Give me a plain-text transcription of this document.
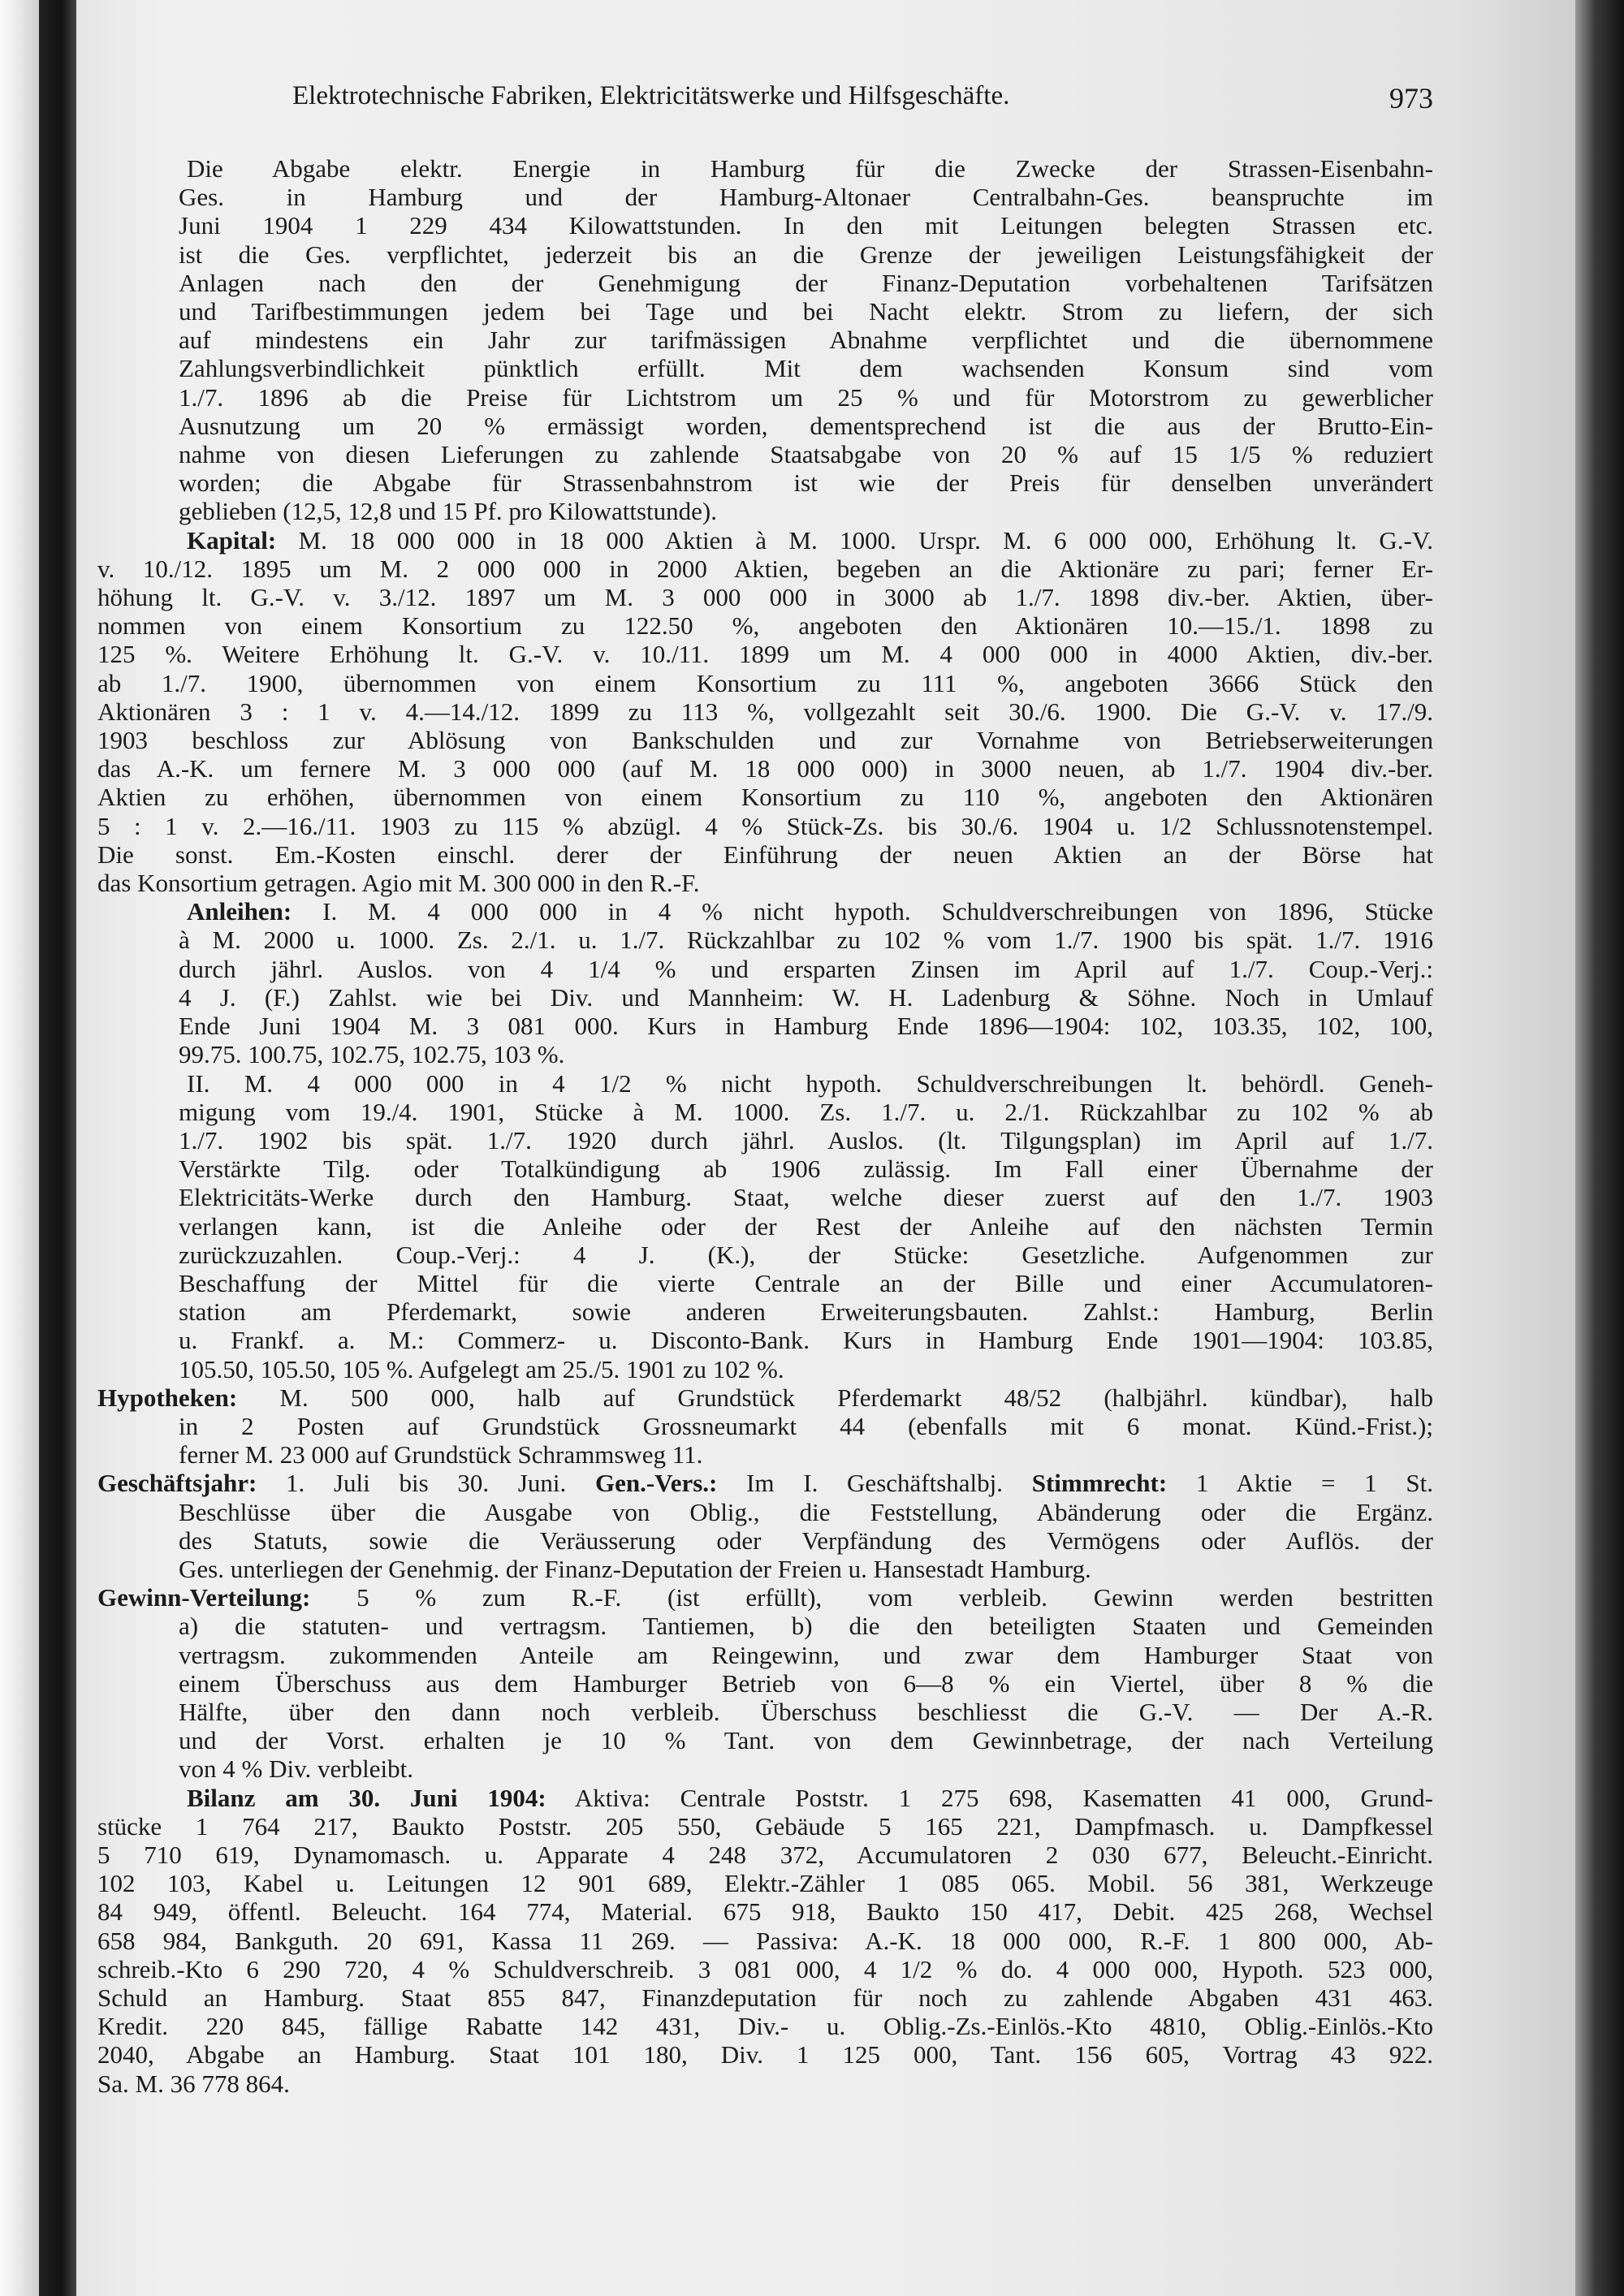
Elektrotechnische Fabriken, Elektricitätswerke und Hilfsgeschäfte.	973
Die Abgabe elektr. Energie in Hamburg für die Zwecke der Strassen-Eisenbahn-
Ges. in Hamburg und der Hamburg-Altonaer Centralbahn-Ges. beanspruchte im
Juni 1904 1 229 434 Kilowattstunden. In den mit Leitungen belegten Strassen etc.
ist die Ges. verpflichtet, jederzeit bis an die Grenze der jeweiligen Leistungsfähigkeit der
Anlagen nach den der Genehmigung der Finanz-Deputation vorbehaltenen Tarifsätzen
und Tarifbestimmungen jedem bei Tage und bei Nacht elektr. Strom zu liefern, der sich
auf mindestens ein Jahr zur tarifmässigen Abnahme verpflichtet und die übernommene
Zahlungsverbindlichkeit pünktlich erfüllt. Mit dem wachsenden Konsum sind vom
1./7. 1896 ab die Preise für Lichtstrom um 25 % und für Motorstrom zu gewerblicher
Ausnutzung um 20 % ermässigt worden, dementsprechend ist die aus der Brutto-Ein-
nahme von diesen Lieferungen zu zahlende Staatsabgabe von 20 % auf 15 1/5 % reduziert
worden; die Abgabe für Strassenbahnstrom ist wie der Preis für denselben unverändert
geblieben (12,5, 12,8 und 15 Pf. pro Kilowattstunde).
Kapital: M. 18 000 000 in 18 000 Aktien à M. 1000. Urspr. M. 6 000 000, Erhöhung lt. G.-V.
v. 10./12. 1895 um M. 2 000 000 in 2000 Aktien, begeben an die Aktionäre zu pari; ferner Er-
höhung lt. G.-V. v. 3./12. 1897 um M. 3 000 000 in 3000 ab 1./7. 1898 div.-ber. Aktien, über-
nommen von einem Konsortium zu 122.50 %, angeboten den Aktionären 10.—15./1. 1898 zu
125 %. Weitere Erhöhung lt. G.-V. v. 10./11. 1899 um M. 4 000 000 in 4000 Aktien, div.-ber.
ab 1./7. 1900, übernommen von einem Konsortium zu 111 %, angeboten 3666 Stück den
Aktionären 3 : 1 v. 4.—14./12. 1899 zu 113 %, vollgezahlt seit 30./6. 1900. Die G.-V. v. 17./9.
1903 beschloss zur Ablösung von Bankschulden und zur Vornahme von Betriebserweiterungen
das A.-K. um fernere M. 3 000 000 (auf M. 18 000 000) in 3000 neuen, ab 1./7. 1904 div.-ber.
Aktien zu erhöhen, übernommen von einem Konsortium zu 110 %, angeboten den Aktionären
5 : 1 v. 2.—16./11. 1903 zu 115 % abzügl. 4 % Stück-Zs. bis 30./6. 1904 u. 1/2 Schlussnotenstempel.
Die sonst. Em.-Kosten einschl. derer der Einführung der neuen Aktien an der Börse hat
das Konsortium getragen. Agio mit M. 300 000 in den R.-F.
Anleihen: I. M. 4 000 000 in 4 % nicht hypoth. Schuldverschreibungen von 1896, Stücke
à M. 2000 u. 1000. Zs. 2./1. u. 1./7. Rückzahlbar zu 102 % vom 1./7. 1900 bis spät. 1./7. 1916
durch jährl. Auslos. von 4 1/4 % und ersparten Zinsen im April auf 1./7. Coup.-Verj.:
4 J. (F.) Zahlst. wie bei Div. und Mannheim: W. H. Ladenburg & Söhne. Noch in Umlauf
Ende Juni 1904 M. 3 081 000. Kurs in Hamburg Ende 1896—1904: 102, 103.35, 102, 100,
99.75. 100.75, 102.75, 102.75, 103 %.
II. M. 4 000 000 in 4 1/2 % nicht hypoth. Schuldverschreibungen lt. behördl. Geneh-
migung vom 19./4. 1901, Stücke à M. 1000. Zs. 1./7. u. 2./1. Rückzahlbar zu 102 % ab
1./7. 1902 bis spät. 1./7. 1920 durch jährl. Auslos. (lt. Tilgungsplan) im April auf 1./7.
Verstärkte Tilg. oder Totalkündigung ab 1906 zulässig. Im Fall einer Übernahme der
Elektricitäts-Werke durch den Hamburg. Staat, welche dieser zuerst auf den 1./7. 1903
verlangen kann, ist die Anleihe oder der Rest der Anleihe auf den nächsten Termin
zurückzuzahlen. Coup.-Verj.: 4 J. (K.), der Stücke: Gesetzliche. Aufgenommen zur
Beschaffung der Mittel für die vierte Centrale an der Bille und einer Accumulatoren-
station am Pferdemarkt, sowie anderen Erweiterungsbauten. Zahlst.: Hamburg, Berlin
u. Frankf. a. M.: Commerz- u. Disconto-Bank. Kurs in Hamburg Ende 1901—1904: 103.85,
105.50, 105.50, 105 %. Aufgelegt am 25./5. 1901 zu 102 %.
Hypotheken: M. 500 000, halb auf Grundstück Pferdemarkt 48/52 (halbjährl. kündbar), halb
in 2 Posten auf Grundstück Grossneumarkt 44 (ebenfalls mit 6 monat. Künd.-Frist.);
ferner M. 23 000 auf Grundstück Schrammsweg 11.
Geschäftsjahr: 1. Juli bis 30. Juni. Gen.-Vers.: Im I. Geschäftshalbj. Stimmrecht: 1 Aktie = 1 St.
Beschlüsse über die Ausgabe von Oblig., die Feststellung, Abänderung oder die Ergänz.
des Statuts, sowie die Veräusserung oder Verpfändung des Vermögens oder Auflös. der
Ges. unterliegen der Genehmig. der Finanz-Deputation der Freien u. Hansestadt Hamburg.
Gewinn-Verteilung: 5 % zum R.-F. (ist erfüllt), vom verbleib. Gewinn werden bestritten
a) die statuten- und vertragsm. Tantiemen, b) die den beteiligten Staaten und Gemeinden
vertragsm. zukommenden Anteile am Reingewinn, und zwar dem Hamburger Staat von
einem Überschuss aus dem Hamburger Betrieb von 6—8 % ein Viertel, über 8 % die
Hälfte, über den dann noch verbleib. Überschuss beschliesst die G.-V. — Der A.-R.
und der Vorst. erhalten je 10 % Tant. von dem Gewinnbetrage, der nach Verteilung
von 4 % Div. verbleibt.
Bilanz am 30. Juni 1904: Aktiva: Centrale Poststr. 1 275 698, Kasematten 41 000, Grund-
stücke 1 764 217, Baukto Poststr. 205 550, Gebäude 5 165 221, Dampfmasch. u. Dampfkessel
5 710 619, Dynamomasch. u. Apparate 4 248 372, Accumulatoren 2 030 677, Beleucht.-Einricht.
102 103, Kabel u. Leitungen 12 901 689, Elektr.-Zähler 1 085 065. Mobil. 56 381, Werkzeuge
84 949, öffentl. Beleucht. 164 774, Material. 675 918, Baukto 150 417, Debit. 425 268, Wechsel
658 984, Bankguth. 20 691, Kassa 11 269. — Passiva: A.-K. 18 000 000, R.-F. 1 800 000, Ab-
schreib.-Kto 6 290 720, 4 % Schuldverschreib. 3 081 000, 4 1/2 % do. 4 000 000, Hypoth. 523 000,
Schuld an Hamburg. Staat 855 847, Finanzdeputation für noch zu zahlende Abgaben 431 463.
Kredit. 220 845, fällige Rabatte 142 431, Div.- u. Oblig.-Zs.-Einlös.-Kto 4810, Oblig.-Einlös.-Kto
2040, Abgabe an Hamburg. Staat 101 180, Div. 1 125 000, Tant. 156 605, Vortrag 43 922.
Sa. M. 36 778 864.
